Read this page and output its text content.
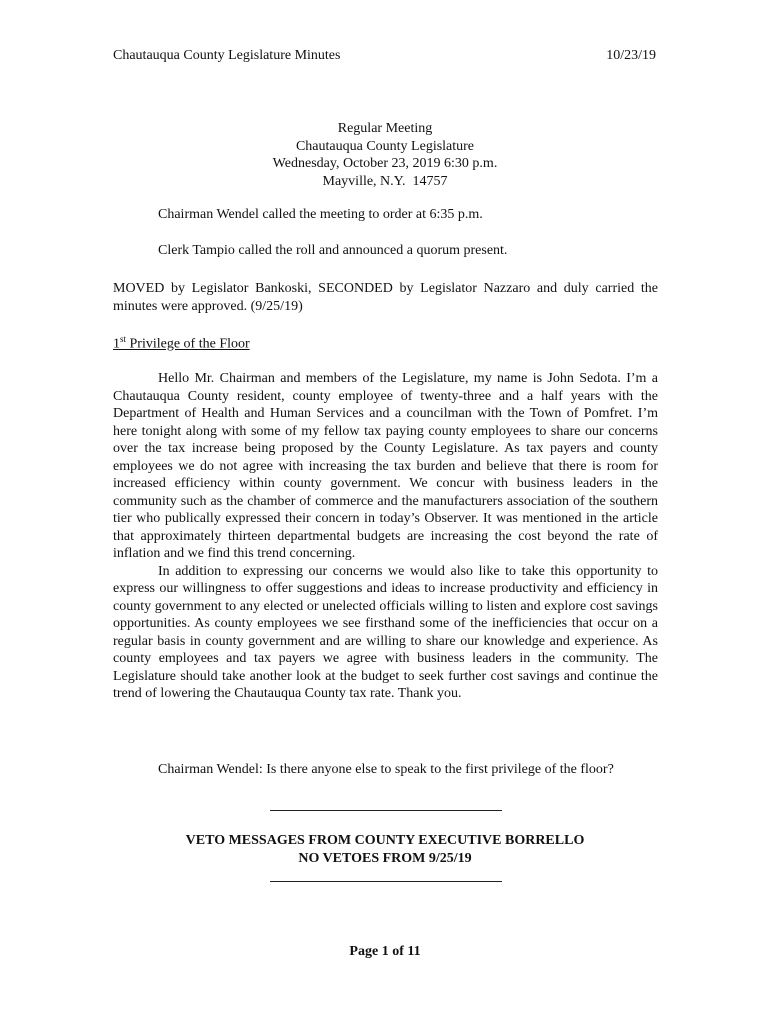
Chautauqua County Legislature Minutes	10/23/19
Regular Meeting
Chautauqua County Legislature
Wednesday, October 23, 2019 6:30 p.m.
Mayville, N.Y.  14757
Chairman Wendel called the meeting to order at 6:35 p.m.
Clerk Tampio called the roll and announced a quorum present.
MOVED by Legislator Bankoski, SECONDED by Legislator Nazzaro and duly carried the minutes were approved. (9/25/19)
1st Privilege of the Floor

Hello Mr. Chairman and members of the Legislature, my name is John Sedota. I’m a Chautauqua County resident, county employee of twenty-three and a half years with the Department of Health and Human Services and a councilman with the Town of Pomfret. I’m here tonight along with some of my fellow tax paying county employees to share our concerns over the tax increase being proposed by the County Legislature. As tax payers and county employees we do not agree with increasing the tax burden and believe that there is room for increased efficiency within county government. We concur with business leaders in the community such as the chamber of commerce and the manufacturers association of the southern tier who publically expressed their concern in today’s Observer. It was mentioned in the article that approximately thirteen departmental budgets are increasing the cost beyond the rate of inflation and we find this trend concerning.

In addition to expressing our concerns we would also like to take this opportunity to express our willingness to offer suggestions and ideas to increase productivity and efficiency in county government to any elected or unelected officials willing to listen and explore cost savings opportunities. As county employees we see firsthand some of the inefficiencies that occur on a regular basis in county government and are willing to share our knowledge and experience. As county employees and tax payers we agree with business leaders in the community. The Legislature should take another look at the budget to seek further cost savings and continue the trend of lowering the Chautauqua County tax rate. Thank you.

Chairman Wendel: Is there anyone else to speak to the first privilege of the floor?
VETO MESSAGES FROM COUNTY EXECUTIVE BORRELLO
NO VETOES FROM 9/25/19
Page 1 of 11
